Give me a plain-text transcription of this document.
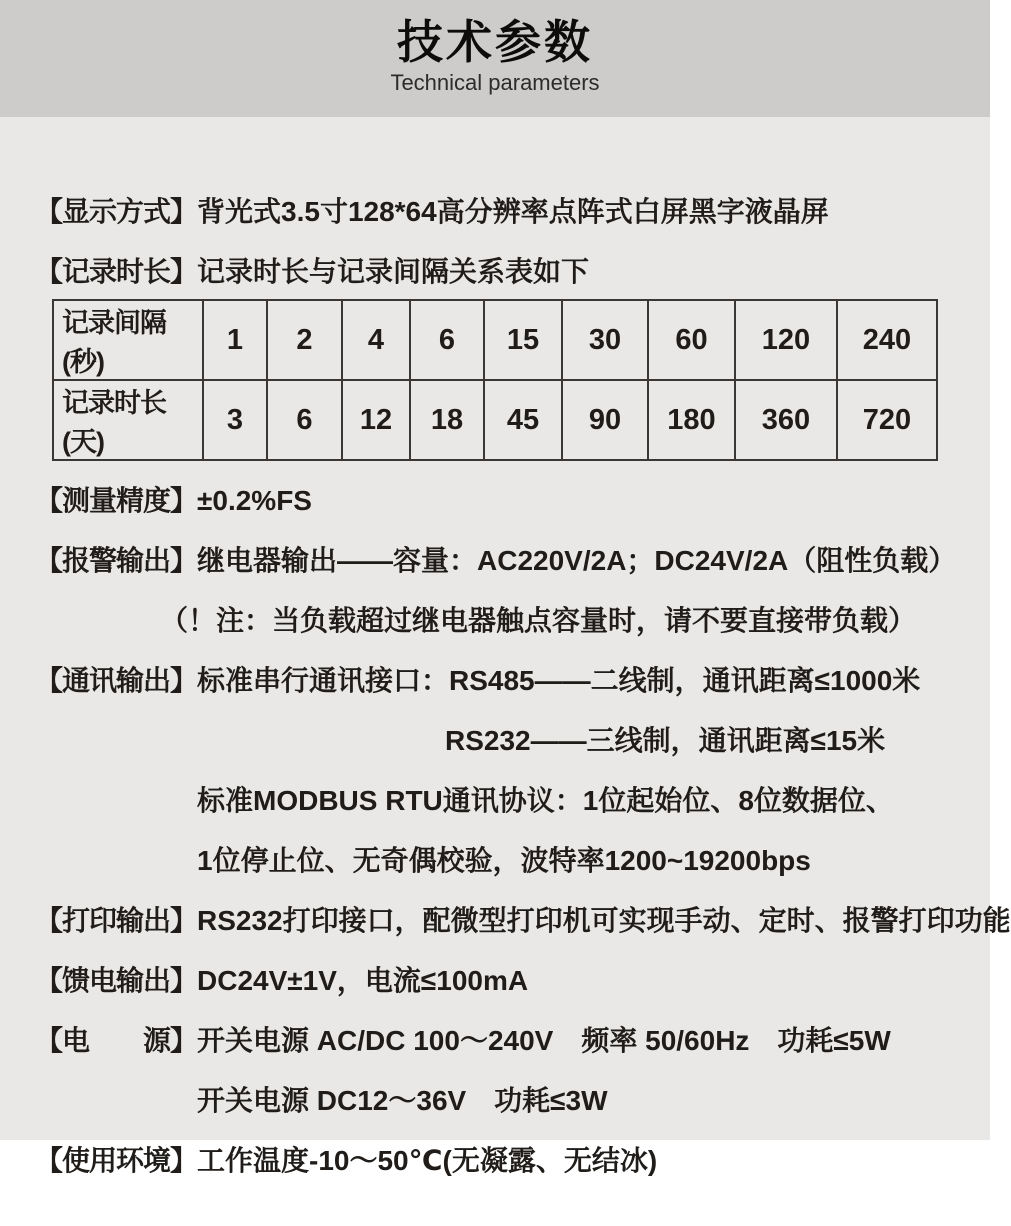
技术参数
Technical parameters
【显示方式】 背光式3.5寸128*64高分辨率点阵式白屏黑字液晶屏
【记录时长】 记录时长与记录间隔关系表如下
记录间隔(秒)	1	2	4	6	15	30	60	120	240
记录时长(天)	3	6	12	18	45	90	180	360	720
【测量精度】 ±0.2%FS
【报警输出】 继电器输出——容量：AC220V/2A；DC24V/2A（阻性负载）
（！注：当负载超过继电器触点容量时，请不要直接带负载）
【通讯输出】 标准串行通讯接口：RS485——二线制，通讯距离≤1000米
RS232——三线制，通讯距离≤15米
标准MODBUS RTU通讯协议：1位起始位、8位数据位、
1位停止位、无奇偶校验，波特率1200~19200bps
【打印输出】 RS232打印接口，配微型打印机可实现手动、定时、报警打印功能
【馈电输出】 DC24V±1V，电流≤100mA
【电　　源】 开关电源 AC/DC 100～240V　频率 50/60Hz　功耗≤5W
开关电源 DC12～36V　功耗≤3W
【使用环境】 工作温度-10～50℃(无凝露、无结冰)
